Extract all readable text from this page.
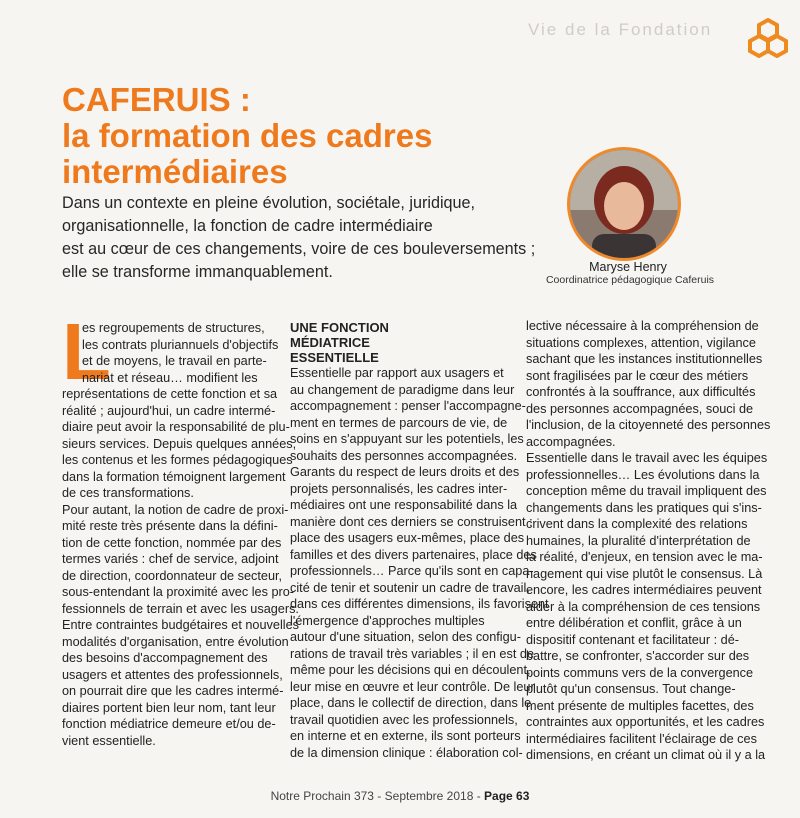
Vie de la Fondation
CAFERUIS :
la formation des cadres
intermédiaires
Dans un contexte en pleine évolution, sociétale, juridique,
organisationnelle, la fonction de cadre intermédiaire
est au cœur de ces changements, voire de ces bouleversements ;
elle se transforme immanquablement.	Maryse Henry
Coordinatrice pédagogique Caferuis
L
es regroupements de structures,
les contrats pluriannuels d'objectifs
et de moyens, le travail en parte-
nariat et réseau… modifient les
représentations de cette fonction et sa
réalité ; aujourd'hui, un cadre intermé-
diaire peut avoir la responsabilité de plu-
sieurs services. Depuis quelques années,
les contenus et les formes pédagogiques
dans la formation témoignent largement
de ces transformations.
Pour autant, la notion de cadre de proxi-
mité reste très présente dans la défini-
tion de cette fonction, nommée par des
termes variés : chef de service, adjoint
de direction, coordonnateur de secteur,
sous-entendant la proximité avec les pro-
fessionnels de terrain et avec les usagers.
Entre contraintes budgétaires et nouvelles
modalités d'organisation, entre évolution
des besoins d'accompagnement des
usagers et attentes des professionnels,
on pourrait dire que les cadres intermé-
diaires portent bien leur nom, tant leur
fonction médiatrice demeure et/ou de-
vient essentielle.
UNE FONCTION
MÉDIATRICE
ESSENTIELLE
Essentielle par rapport aux usagers et
au changement de paradigme dans leur
accompagnement : penser l'accompagne-
ment en termes de parcours de vie, de
soins en s'appuyant sur les potentiels, les
souhaits des personnes accompagnées.
Garants du respect de leurs droits et des
projets personnalisés, les cadres inter-
médiaires ont une responsabilité dans la
manière dont ces derniers se construisent :
place des usagers eux-mêmes, place des
familles et des divers partenaires, place des
professionnels… Parce qu'ils sont en capa-
cité de tenir et soutenir un cadre de travail,
dans ces différentes dimensions, ils favorisent
l'émergence d'approches multiples
autour d'une situation, selon des configu-
rations de travail très variables ; il en est de
même pour les décisions qui en découlent,
leur mise en œuvre et leur contrôle. De leur
place, dans le collectif de direction, dans le
travail quotidien avec les professionnels,
en interne et en externe, ils sont porteurs
de la dimension clinique : élaboration col-
lective nécessaire à la compréhension de
situations complexes, attention, vigilance
sachant que les instances institutionnelles
sont fragilisées par le cœur des métiers
confrontés à la souffrance, aux difficultés
des personnes accompagnées, souci de
l'inclusion, de la citoyenneté des personnes
accompagnées.
Essentielle dans le travail avec les équipes
professionnelles… Les évolutions dans la
conception même du travail impliquent des
changements dans les pratiques qui s'ins-
crivent dans la complexité des relations
humaines, la pluralité d'interprétation de
la réalité, d'enjeux, en tension avec le ma-
nagement qui vise plutôt le consensus. Là
encore, les cadres intermédiaires peuvent
aider à la compréhension de ces tensions
entre délibération et conflit, grâce à un
dispositif contenant et facilitateur : dé-
battre, se confronter, s'accorder sur des
points communs vers de la convergence
plutôt qu'un consensus. Tout change-
ment présente de multiples facettes, des
contraintes aux opportunités, et les cadres
intermédiaires facilitent l'éclairage de ces
dimensions, en créant un climat où il y a la
Notre Prochain 373 - Septembre 2018 - Page 63
